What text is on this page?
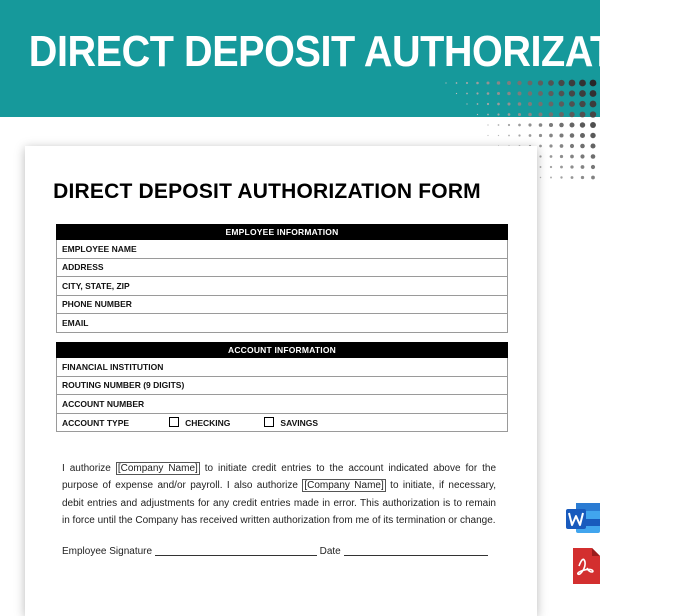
DIRECT DEPOSIT AUTHORIZATION
DIRECT DEPOSIT AUTHORIZATION FORM
EMPLOYEE INFORMATION
EMPLOYEE NAME
ADDRESS
CITY, STATE, ZIP
PHONE NUMBER
EMAIL
ACCOUNT INFORMATION
FINANCIAL INSTITUTION
ROUTING NUMBER (9 DIGITS)
ACCOUNT NUMBER
ACCOUNT TYPE	CHECKING	SAVINGS
I authorize [Company Name] to initiate credit entries to the account indicated above for the purpose of expense and/or payroll. I also authorize [Company Name] to initiate, if necessary, debit entries and adjustments for any credit entries made in error. This authorization is to remain in force until the Company has received written authorization from me of its termination or change.
Employee Signature	Date
